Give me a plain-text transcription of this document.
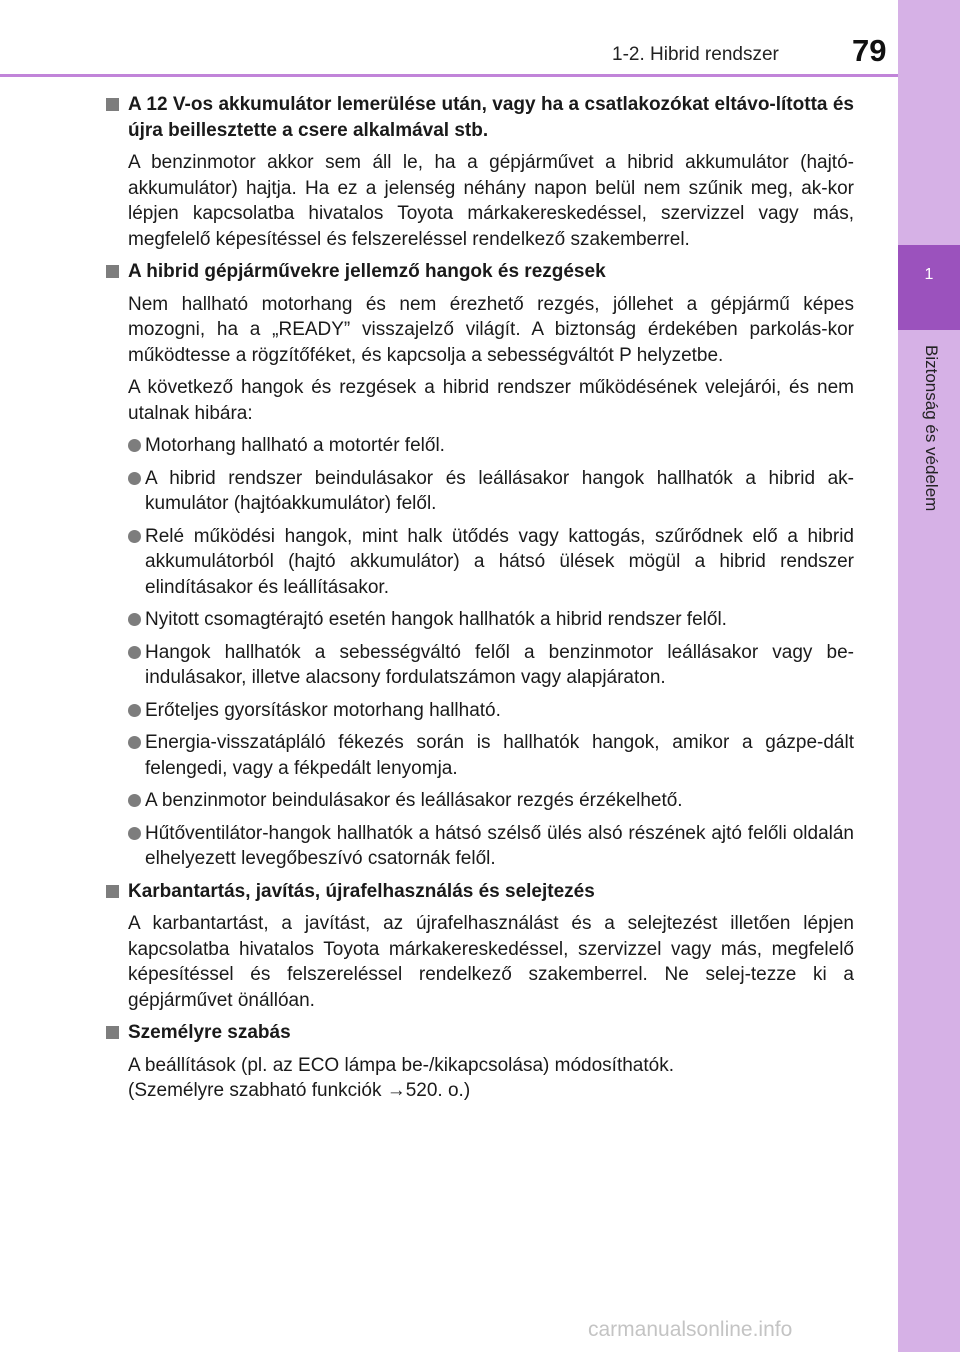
1-2. Hibrid rendszer 79
1
Biztonság és védelem
A 12 V-os akkumulátor lemerülése után, vagy ha a csatlakozókat eltávo-lította és újra beillesztette a csere alkalmával stb.

A benzinmotor akkor sem áll le, ha a gépjárművet a hibrid akkumulátor (hajtó-akkumulátor) hajtja. Ha ez a jelenség néhány napon belül nem szűnik meg, ak-kor lépjen kapcsolatba hivatalos Toyota márkakereskedéssel, szervizzel vagy más, megfelelő képesítéssel és felszereléssel rendelkező szakemberrel.

A hibrid gépjárművekre jellemző hangok és rezgések

Nem hallható motorhang és nem érezhető rezgés, jóllehet a gépjármű képes mozogni, ha a „READY” visszajelző világít. A biztonság érdekében parkolás-kor működtesse a rögzítőféket, és kapcsolja a sebességváltót P helyzetbe.

A következő hangok és rezgések a hibrid rendszer működésének velejárói, és nem utalnak hibára:

Motorhang hallható a motortér felől.
A hibrid rendszer beindulásakor és leállásakor hangok hallhatók a hibrid ak-kumulátor (hajtóakkumulátor) felől.
Relé működési hangok, mint halk ütődés vagy kattogás, szűrődnek elő a hibrid akkumulátorból (hajtó akkumulátor) a hátsó ülések mögül a hibrid rendszer elindításakor és leállításakor.
Nyitott csomagtérajtó esetén hangok hallhatók a hibrid rendszer felől.
Hangok hallhatók a sebességváltó felől a benzinmotor leállásakor vagy be-indulásakor, illetve alacsony fordulatszámon vagy alapjáraton.
Erőteljes gyorsításkor motorhang hallható.
Energia-visszatápláló fékezés során is hallhatók hangok, amikor a gázpe-dált felengedi, vagy a fékpedált lenyomja.
A benzinmotor beindulásakor és leállásakor rezgés érzékelhető.
Hűtőventilátor-hangok hallhatók a hátsó szélső ülés alsó részének ajtó felőli oldalán elhelyezett levegőbeszívó csatornák felől.
Karbantartás, javítás, újrafelhasználás és selejtezés

A karbantartást, a javítást, az újrafelhasználást és a selejtezést illetően lépjen kapcsolatba hivatalos Toyota márkakereskedéssel, szervizzel vagy más, megfelelő képesítéssel és felszereléssel rendelkező szakemberrel. Ne selej-tezze ki a gépjárművet önállóan.

Személyre szabás

A beállítások (pl. az ECO lámpa be-/kikapcsolása) módosíthatók.

(Személyre szabható funkciók →520. o.)

carmanualsonline.info
